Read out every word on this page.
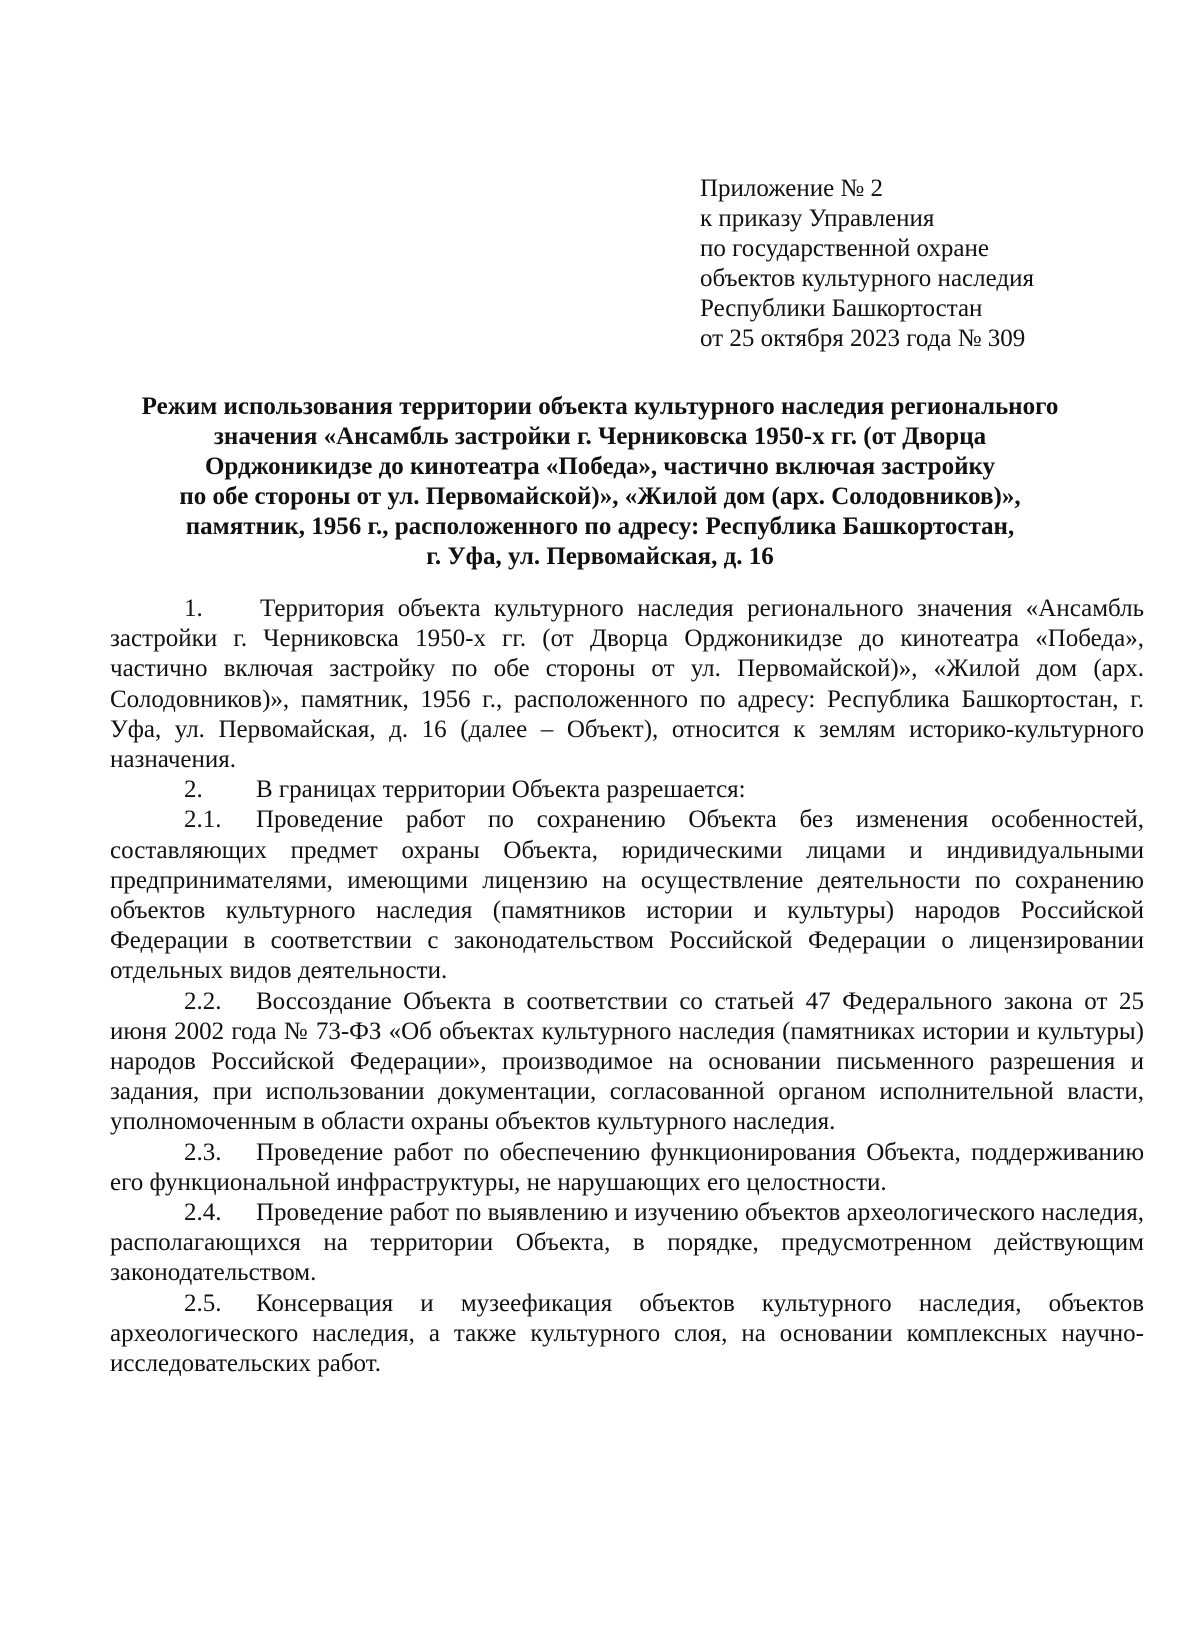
Приложение № 2
к приказу Управления
по государственной охране
объектов культурного наследия
Республики Башкортостан
от 25 октября 2023 года № 309
Режим использования территории объекта культурного наследия регионального
значения «Ансамбль застройки г. Черниковска 1950-х гг. (от Дворца
Орджоникидзе до кинотеатра «Победа», частично включая застройку
по обе стороны от ул. Первомайской)», «Жилой дом (арх. Солодовников)»,
памятник, 1956 г., расположенного по адресу: Республика Башкортостан,
г. Уфа, ул. Первомайская, д. 16

1. Территория объекта культурного наследия регионального значения «Ансамбль застройки г. Черниковска 1950-х гг. (от Дворца Орджоникидзе до кинотеатра «Победа», частично включая застройку по обе стороны от ул. Первомайской)», «Жилой дом (арх. Солодовников)», памятник, 1956 г., расположенного по адресу: Республика Башкортостан, г. Уфа, ул. Первомайская, д. 16 (далее – Объект), относится к землям историко-культурного назначения.

2. В границах территории Объекта разрешается:

2.1. Проведение работ по сохранению Объекта без изменения особенностей, составляющих предмет охраны Объекта, юридическими лицами и индивидуальными предпринимателями, имеющими лицензию на осуществление деятельности по сохранению объектов культурного наследия (памятников истории и культуры) народов Российской Федерации в соответствии с законодательством Российской Федерации о лицензировании отдельных видов деятельности.

2.2. Воссоздание Объекта в соответствии со статьей 47 Федерального закона от 25 июня 2002 года № 73-ФЗ «Об объектах культурного наследия (памятниках истории и культуры) народов Российской Федерации», производимое на основании письменного разрешения и задания, при использовании документации, согласованной органом исполнительной власти, уполномоченным в области охраны объектов культурного наследия.

2.3. Проведение работ по обеспечению функционирования Объекта, поддерживанию его функциональной инфраструктуры, не нарушающих его целостности.

2.4. Проведение работ по выявлению и изучению объектов археологического наследия, располагающихся на территории Объекта, в порядке, предусмотренном действующим законодательством.

2.5. Консервация и музеефикация объектов культурного наследия, объектов археологического наследия, а также культурного слоя, на основании комплексных научно-исследовательских работ.
